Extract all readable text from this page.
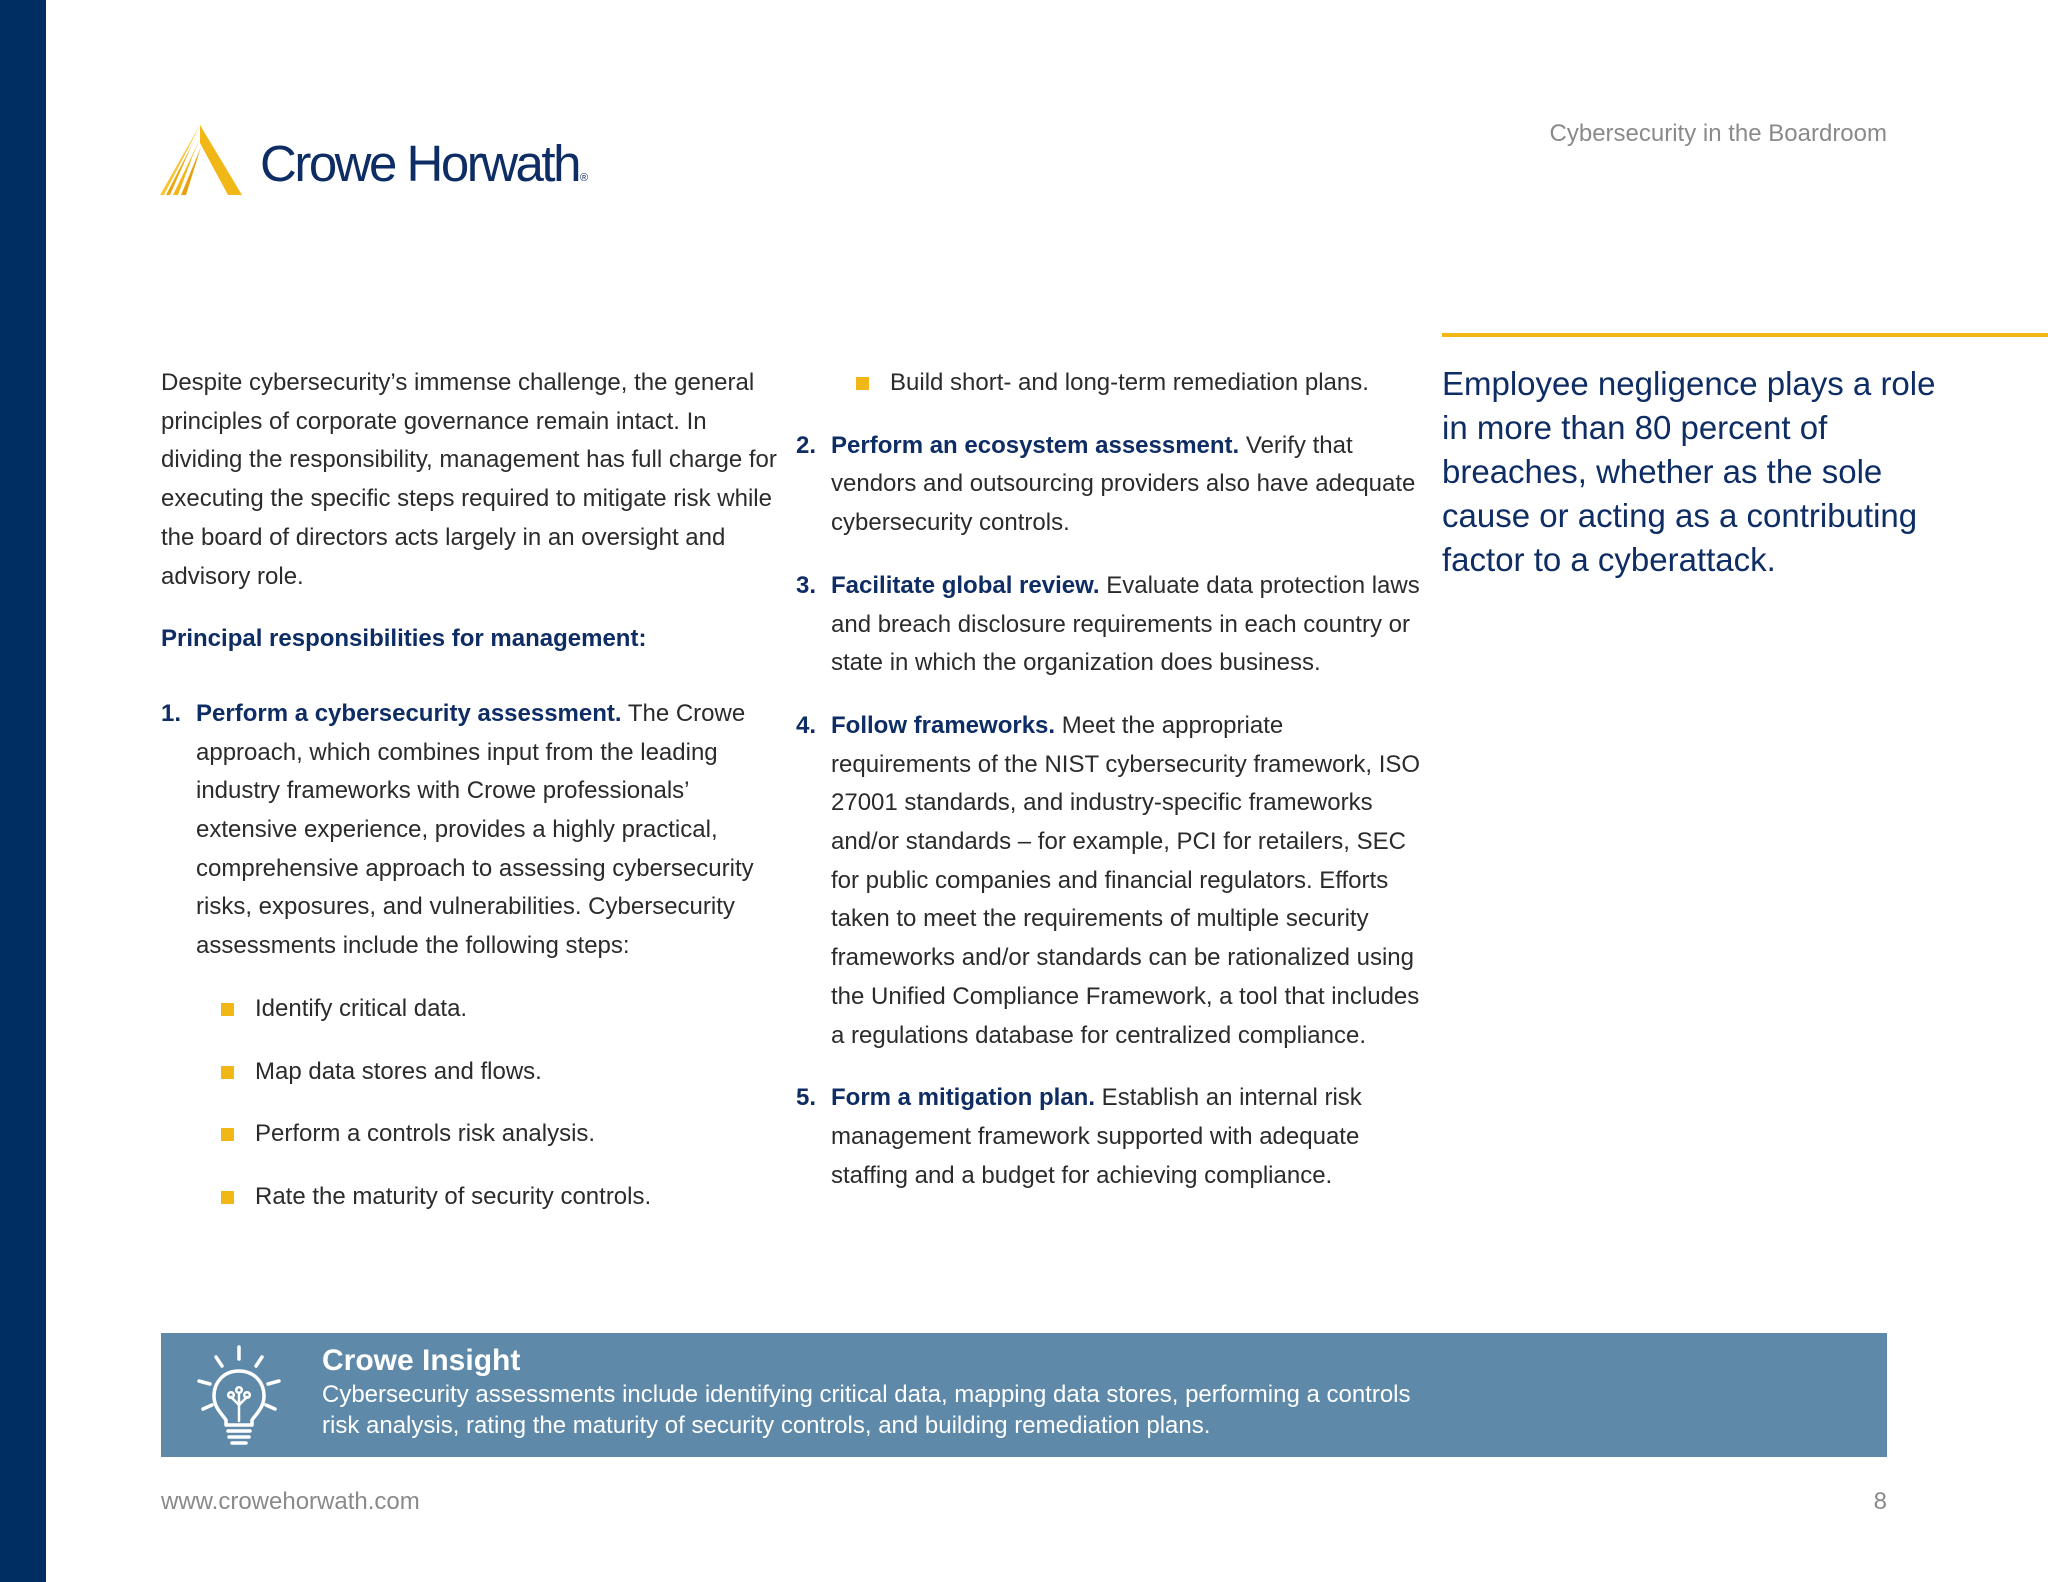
Crowe Horwath®
Cybersecurity in the Boardroom

Despite cybersecurity’s immense challenge, the general principles of corporate governance remain intact. In dividing the responsibility, management has full charge for executing the specific steps required to mitigate risk while the board of directors acts largely in an oversight and advisory role.

Principal responsibilities for management:

1. Perform a cybersecurity assessment. The Crowe approach, which combines input from the leading industry frameworks with Crowe professionals’ extensive experience, provides a highly practical, comprehensive approach to assessing cybersecurity risks, exposures, and vulnerabilities. Cybersecurity assessments include the following steps:
Identify critical data.
Map data stores and flows.
Perform a controls risk analysis.
Rate the maturity of security controls.
Build short- and long-term remediation plans.
2. Perform an ecosystem assessment. Verify that vendors and outsourcing providers also have adequate cybersecurity controls.
3. Facilitate global review. Evaluate data protection laws and breach disclosure requirements in each country or state in which the organization does business.
4. Follow frameworks. Meet the appropriate requirements of the NIST cybersecurity framework, ISO 27001 standards, and industry-specific frameworks and/or standards – for example, PCI for retailers, SEC for public companies and financial regulators. Efforts taken to meet the requirements of multiple security frameworks and/or standards can be rationalized using the Unified Compliance Framework, a tool that includes a regulations database for centralized compliance.
5. Form a mitigation plan. Establish an internal risk management framework supported with adequate staffing and a budget for achieving compliance.

Employee negligence plays a role in more than 80 percent of breaches, whether as the sole cause or acting as a contributing factor to a cyberattack.

Crowe Insight
Cybersecurity assessments include identifying critical data, mapping data stores, performing a controls
risk analysis, rating the maturity of security controls, and building remediation plans.
www.crowehorwath.com	8
